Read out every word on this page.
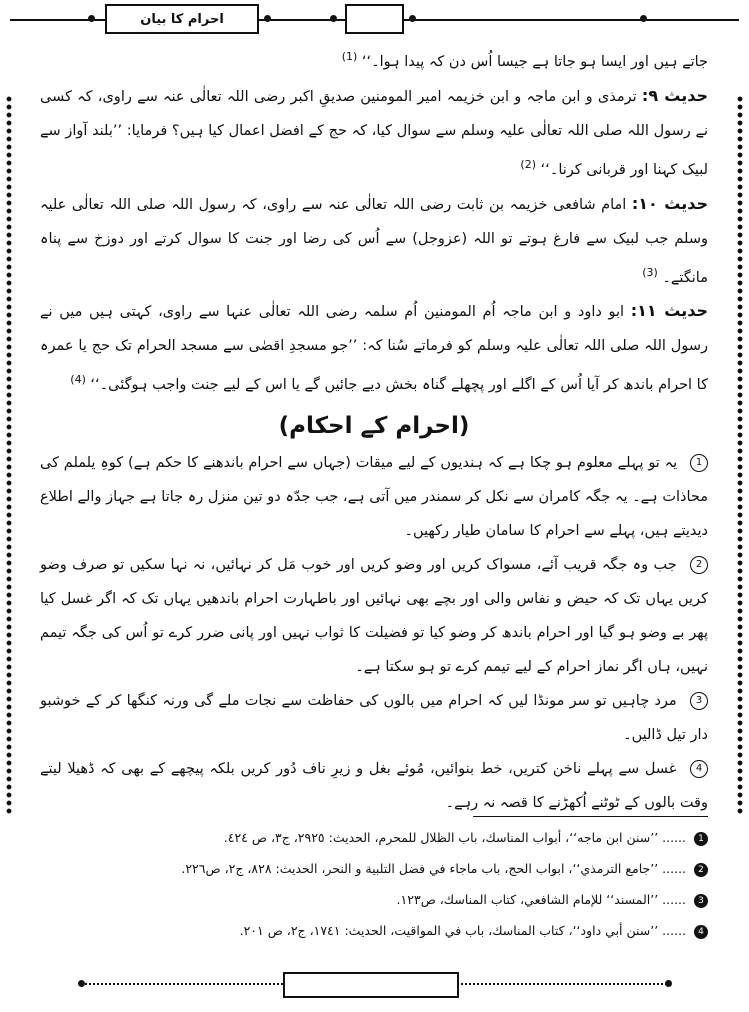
احرام کا بیان

جاتے ہیں اور ایسا ہو جاتا ہے جیسا اُس دن کہ پیدا ہوا۔‘‘ $^{(1)}$

حدیث ۹: ترمذی و ابن ماجہ و ابن خزیمہ امیر المومنین صدیقِ اکبر رضی اللہ تعالٰی عنہ سے راوی، کہ کسی نے رسول اللہ صلی اللہ تعالٰی علیہ وسلم سے سوال کیا، کہ حج کے افضل اعمال کیا ہیں؟ فرمایا: ’’بلند آواز سے لبیک کہنا اور قربانی کرنا۔‘‘ $^{(2)}$

حدیث ۱۰: امام شافعی خزیمہ بن ثابت رضی اللہ تعالٰی عنہ سے راوی، کہ رسول اللہ صلی اللہ تعالٰی علیہ وسلم جب لبیک سے فارغ ہوتے تو اللہ (عزوجل) سے اُس کی رضا اور جنت کا سوال کرتے اور دوزخ سے پناہ مانگتے۔ $^{(3)}$

حدیث ۱۱: ابو داود و ابن ماجہ اُم المومنین اُم سلمہ رضی اللہ تعالٰی عنہا سے راوی، کہتی ہیں میں نے رسول اللہ صلی اللہ تعالٰی علیہ وسلم کو فرماتے سُنا کہ: ’’جو مسجدِ اقصٰی سے مسجد الحرام تک حج یا عمرہ کا احرام باندھ کر آیا اُس کے اگلے اور پچھلے گناہ بخش دیے جائیں گے یا اس کے لیے جنت واجب ہوگئی۔‘‘ $^{(4)}$

(احرام کے احکام)

1 یہ تو پہلے معلوم ہو چکا ہے کہ ہندیوں کے لیے میقات (جہاں سے احرام باندھنے کا حکم ہے) کوہِ یلملم کی محاذات ہے۔ یہ جگہ کامران سے نکل کر سمندر میں آتی ہے، جب جدّہ دو تین منزل رہ جاتا ہے جہاز والے اطلاع دیدیتے ہیں، پہلے سے احرام کا سامان طیار رکھیں۔

2 جب وہ جگہ قریب آئے، مسواک کریں اور وضو کریں اور خوب مَل کر نہائیں، نہ نہا سکیں تو صرف وضو کریں یہاں تک کہ حیض و نفاس والی اور بچے بھی نہائیں اور باطہارت احرام باندھیں یہاں تک کہ اگر غسل کیا پھر بے وضو ہو گیا اور احرام باندھ کر وضو کیا تو فضیلت کا ثواب نہیں اور پانی ضرر کرے تو اُس کی جگہ تیمم نہیں، ہاں اگر نماز احرام کے لیے تیمم کرے تو ہو سکتا ہے۔

3 مرد چاہیں تو سر مونڈا لیں کہ احرام میں بالوں کی حفاظت سے نجات ملے گی ورنہ کنگھا کر کے خوشبو دار تیل ڈالیں۔

4 غسل سے پہلے ناخن کتریں، خط بنوائیں، مُوئے بغل و زیرِ ناف دُور کریں بلکہ پیچھے کے بھی کہ ڈھیلا لیتے وقت بالوں کے ٹوٹنے اُکھڑنے کا قصہ نہ رہے۔

1 ...... ’’سنن ابن ماجه‘‘، أبواب المناسك، باب الظلال للمحرم، الحديث: ٢٩٢٥، ج٣، ص ٤٢٤.
2 ...... ’’جامع الترمذي‘‘، ابواب الحج، باب ماجاء في فضل التلبية و النحر، الحديث: ٨٢٨، ج٢، ص٢٢٦.
3 ...... ’’المسند‘‘ للإمام الشافعي، كتاب المناسك، ص١٢٣.
4 ...... ’’سنن أبي داود‘‘، كتاب المناسك، باب في المواقيت، الحديث: ١٧٤١، ج٢، ص ٢٠١.
